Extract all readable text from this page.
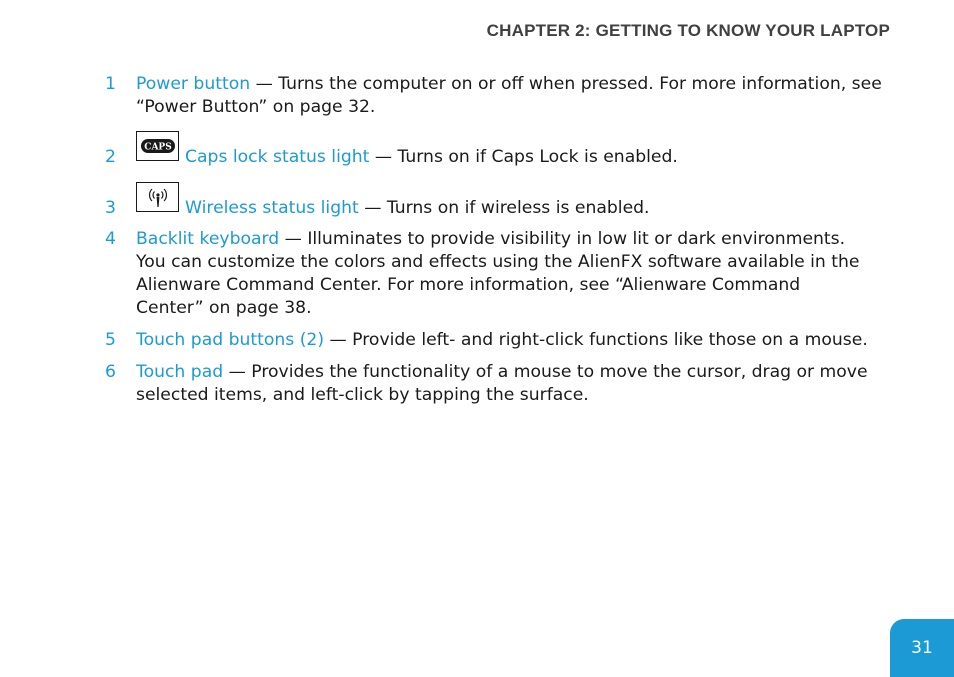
CHAPTER 2: GETTING TO KNOW YOUR LAPTOP
1 Power button — Turns the computer on or off when pressed. For more information, see “Power Button” on page 32.
2	CAPS Caps lock status light — Turns on if Caps Lock is enabled.
3	Wireless status light — Turns on if wireless is enabled.
4 Backlit keyboard — Illuminates to provide visibility in low lit or dark environments. You can customize the colors and effects using the AlienFX software available in the Alienware Command Center. For more information, see “Alienware Command Center” on page 38.
5 Touch pad buttons (2) — Provide left- and right-click functions like those on a mouse.
6 Touch pad — Provides the functionality of a mouse to move the cursor, drag or move selected items, and left-click by tapping the surface.
31
